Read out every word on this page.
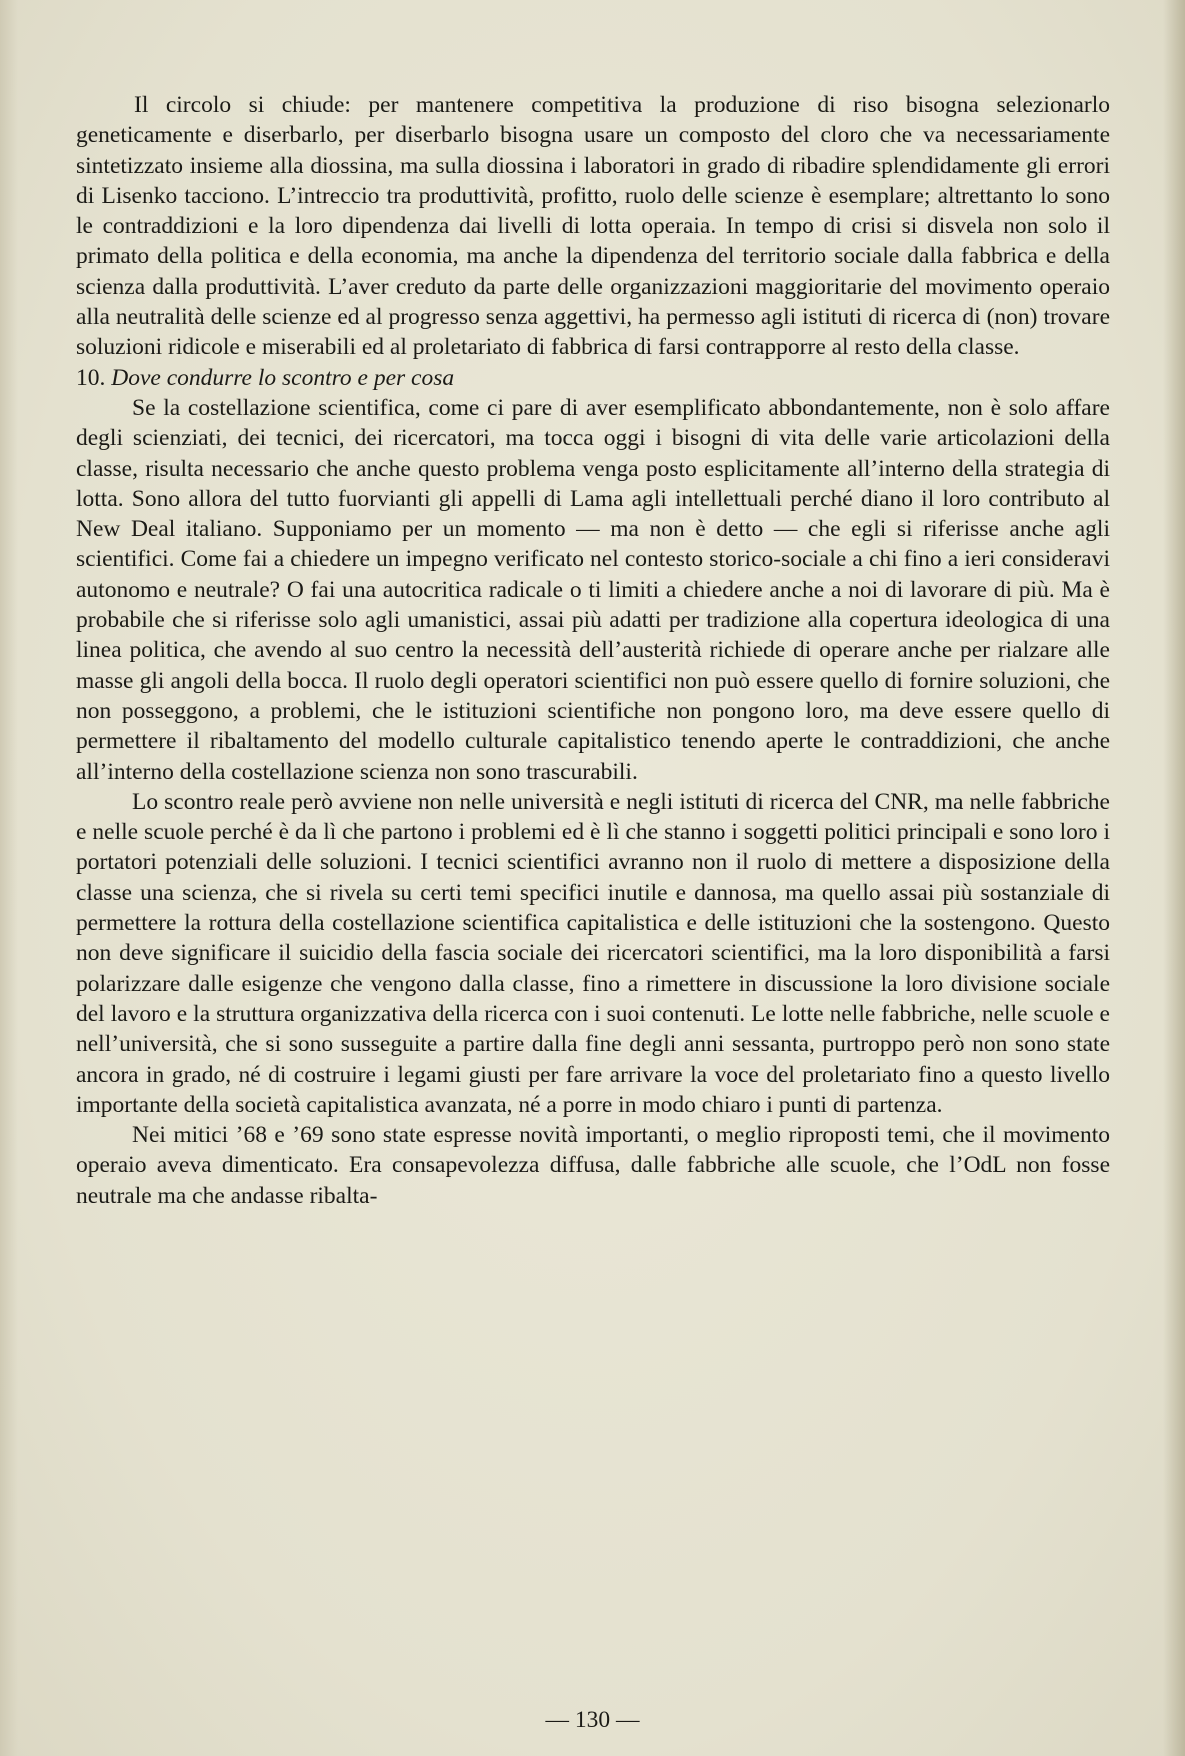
Il circolo si chiude: per mantenere competitiva la produzione di riso bisogna selezionarlo geneticamente e diserbarlo, per diserbarlo bisogna usare un composto del cloro che va necessariamente sintetizzato insieme alla diossina, ma sulla diossina i laboratori in grado di ribadire splendidamente gli errori di Lisenko tacciono. L’intreccio tra produttività, profitto, ruolo delle scienze è esemplare; altrettanto lo sono le contraddizioni e la loro dipendenza dai livelli di lotta operaia. In tempo di crisi si disvela non solo il primato della politica e della economia, ma anche la dipendenza del territorio sociale dalla fabbrica e della scienza dalla produttività. L’aver creduto da parte delle organizzazioni maggioritarie del movimento operaio alla neutralità delle scienze ed al progresso senza aggettivi, ha permesso agli istituti di ricerca di (non) trovare soluzioni ridicole e miserabili ed al proletariato di fabbrica di farsi contrapporre al resto della classe.

10. Dove condurre lo scontro e per cosa

Se la costellazione scientifica, come ci pare di aver esemplificato abbondantemente, non è solo affare degli scienziati, dei tecnici, dei ricercatori, ma tocca oggi i bisogni di vita delle varie articolazioni della classe, risulta necessario che anche questo problema venga posto esplicitamente all’interno della strategia di lotta. Sono allora del tutto fuorvianti gli appelli di Lama agli intellettuali perché diano il loro contributo al New Deal italiano. Supponiamo per un momento — ma non è detto — che egli si riferisse anche agli scientifici. Come fai a chiedere un impegno verificato nel contesto storico-sociale a chi fino a ieri consideravi autonomo e neutrale? O fai una autocritica radicale o ti limiti a chiedere anche a noi di lavorare di più. Ma è probabile che si riferisse solo agli umanistici, assai più adatti per tradizione alla copertura ideologica di una linea politica, che avendo al suo centro la necessità dell’austerità richiede di operare anche per rialzare alle masse gli angoli della bocca. Il ruolo degli operatori scientifici non può essere quello di fornire soluzioni, che non posseggono, a problemi, che le istituzioni scientifiche non pongono loro, ma deve essere quello di permettere il ribaltamento del modello culturale capitalistico tenendo aperte le contraddizioni, che anche all’interno della costellazione scienza non sono trascurabili.

Lo scontro reale però avviene non nelle università e negli istituti di ricerca del CNR, ma nelle fabbriche e nelle scuole perché è da lì che partono i problemi ed è lì che stanno i soggetti politici principali e sono loro i portatori potenziali delle soluzioni. I tecnici scientifici avranno non il ruolo di mettere a disposizione della classe una scienza, che si rivela su certi temi specifici inutile e dannosa, ma quello assai più sostanziale di permettere la rottura della costellazione scientifica capitalistica e delle istituzioni che la sostengono. Questo non deve significare il suicidio della fascia sociale dei ricercatori scientifici, ma la loro disponibilità a farsi polarizzare dalle esigenze che vengono dalla classe, fino a rimettere in discussione la loro divisione sociale del lavoro e la struttura organizzativa della ricerca con i suoi contenuti. Le lotte nelle fabbriche, nelle scuole e nell’università, che si sono susseguite a partire dalla fine degli anni sessanta, purtroppo però non sono state ancora in grado, né di costruire i legami giusti per fare arrivare la voce del proletariato fino a questo livello importante della società capitalistica avanzata, né a porre in modo chiaro i punti di partenza.

Nei mitici ’68 e ’69 sono state espresse novità importanti, o meglio riproposti temi, che il movimento operaio aveva dimenticato. Era consapevolezza diffusa, dalle fabbriche alle scuole, che l’OdL non fosse neutrale ma che andasse ribalta-

— 130 —
